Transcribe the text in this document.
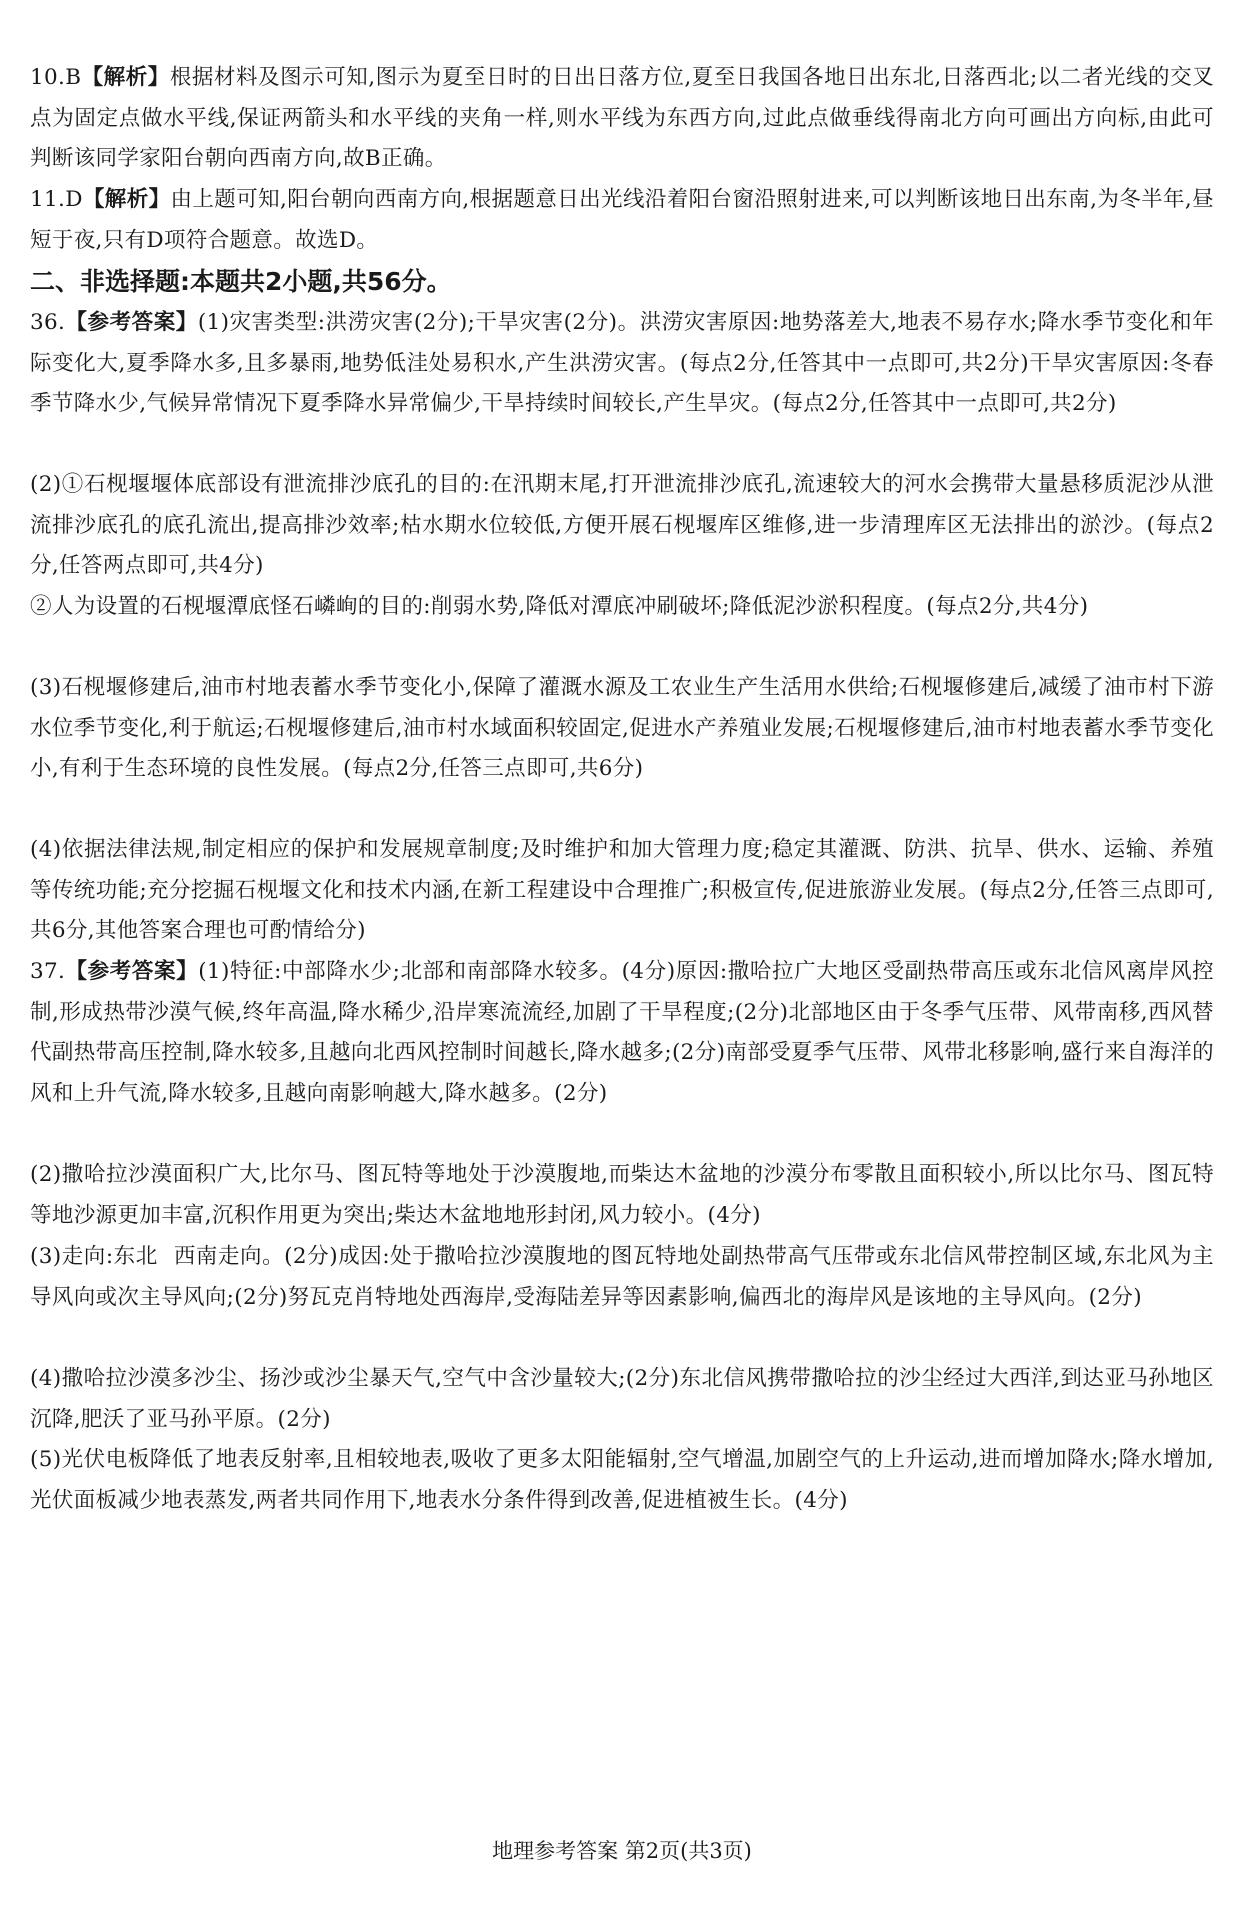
10.B【解析】根据材料及图示可知,图示为夏至日时的日出日落方位,夏至日我国各地日出东北,日落西北;以二者光线的交叉点为固定点做水平线,保证两箭头和水平线的夹角一样,则水平线为东西方向,过此点做垂线得南北方向可画出方向标,由此可判断该同学家阳台朝向西南方向,故B正确。

11.D【解析】由上题可知,阳台朝向西南方向,根据题意日出光线沿着阳台窗沿照射进来,可以判断该地日出东南,为冬半年,昼短于夜,只有D项符合题意。故选D。

二、非选择题:本题共2小题,共56分。

36.【参考答案】(1)灾害类型:洪涝灾害(2分);干旱灾害(2分)。洪涝灾害原因:地势落差大,地表不易存水;降水季节变化和年际变化大,夏季降水多,且多暴雨,地势低洼处易积水,产生洪涝灾害。(每点2分,任答其中一点即可,共2分)干旱灾害原因:冬春季节降水少,气候异常情况下夏季降水异常偏少,干旱持续时间较长,产生旱灾。(每点2分,任答其中一点即可,共2分)

(2)①石枧堰堰体底部设有泄流排沙底孔的目的:在汛期末尾,打开泄流排沙底孔,流速较大的河水会携带大量悬移质泥沙从泄流排沙底孔的底孔流出,提高排沙效率;枯水期水位较低,方便开展石枧堰库区维修,进一步清理库区无法排出的淤沙。(每点2分,任答两点即可,共4分)

②人为设置的石枧堰潭底怪石嶙峋的目的:削弱水势,降低对潭底冲刷破坏;降低泥沙淤积程度。(每点2分,共4分)

(3)石枧堰修建后,油市村地表蓄水季节变化小,保障了灌溉水源及工农业生产生活用水供给;石枧堰修建后,减缓了油市村下游水位季节变化,利于航运;石枧堰修建后,油市村水域面积较固定,促进水产养殖业发展;石枧堰修建后,油市村地表蓄水季节变化小,有利于生态环境的良性发展。(每点2分,任答三点即可,共6分)

(4)依据法律法规,制定相应的保护和发展规章制度;及时维护和加大管理力度;稳定其灌溉、防洪、抗旱、供水、运输、养殖等传统功能;充分挖掘石枧堰文化和技术内涵,在新工程建设中合理推广;积极宣传,促进旅游业发展。(每点2分,任答三点即可,共6分,其他答案合理也可酌情给分)

37.【参考答案】(1)特征:中部降水少;北部和南部降水较多。(4分)原因:撒哈拉广大地区受副热带高压或东北信风离岸风控制,形成热带沙漠气候,终年高温,降水稀少,沿岸寒流流经,加剧了干旱程度;(2分)北部地区由于冬季气压带、风带南移,西风替代副热带高压控制,降水较多,且越向北西风控制时间越长,降水越多;(2分)南部受夏季气压带、风带北移影响,盛行来自海洋的风和上升气流,降水较多,且越向南影响越大,降水越多。(2分)

(2)撒哈拉沙漠面积广大,比尔马、图瓦特等地处于沙漠腹地,而柴达木盆地的沙漠分布零散且面积较小,所以比尔马、图瓦特等地沙源更加丰富,沉积作用更为突出;柴达木盆地地形封闭,风力较小。(4分)

(3)走向:东北 西南走向。(2分)成因:处于撒哈拉沙漠腹地的图瓦特地处副热带高气压带或东北信风带控制区域,东北风为主导风向或次主导风向;(2分)努瓦克肖特地处西海岸,受海陆差异等因素影响,偏西北的海岸风是该地的主导风向。(2分)

(4)撒哈拉沙漠多沙尘、扬沙或沙尘暴天气,空气中含沙量较大;(2分)东北信风携带撒哈拉的沙尘经过大西洋,到达亚马孙地区沉降,肥沃了亚马孙平原。(2分)

(5)光伏电板降低了地表反射率,且相较地表,吸收了更多太阳能辐射,空气增温,加剧空气的上升运动,进而增加降水;降水增加,光伏面板减少地表蒸发,两者共同作用下,地表水分条件得到改善,促进植被生长。(4分)

地理参考答案 第2页(共3页)
